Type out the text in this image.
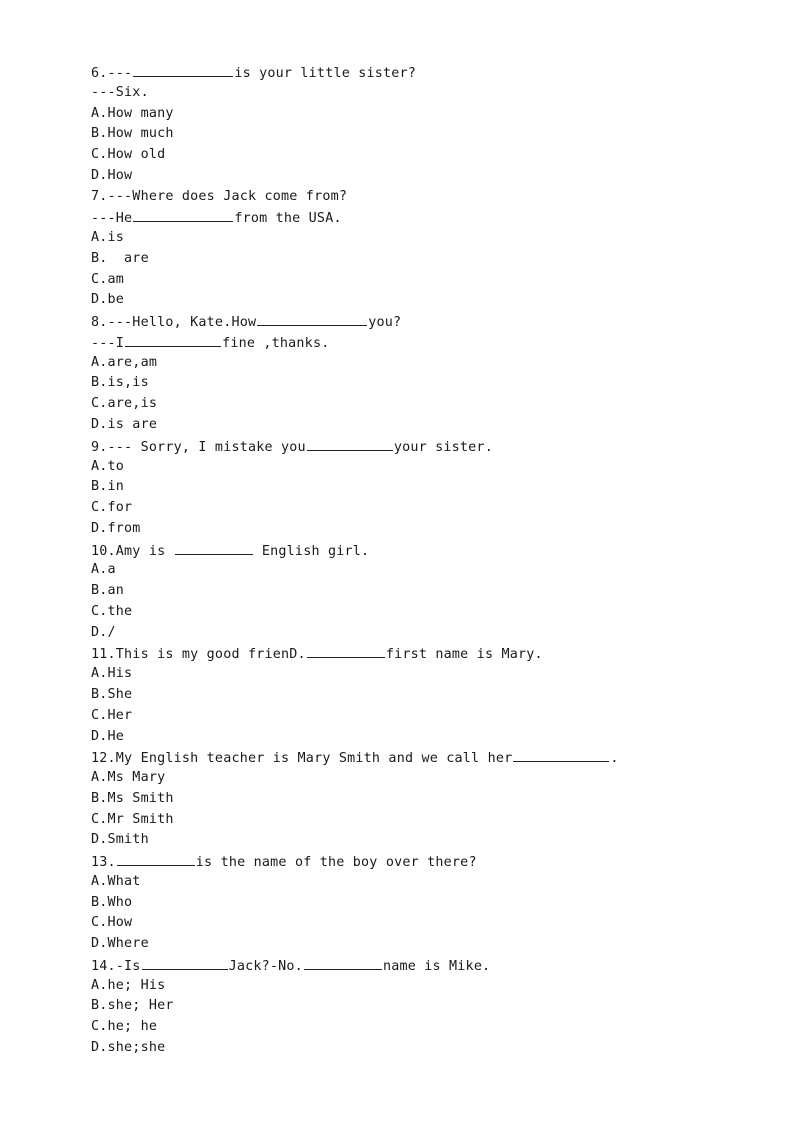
6.---	is your little sister?
---Six.
A.How many
B.How much
C.How old
D.How
7.---Where does Jack come from?
---He	from the USA.
A.is
B.  are
C.am
D.be
8.---Hello, Kate.How	you?
---I	fine ,thanks.
A.are,am
B.is,is
C.are,is
D.is are
9.--- Sorry, I mistake you	your sister.
A.to
B.in
C.for
D.from
10.Amy is	English girl.
A.a
B.an
C.the
D./
11.This is my good frienD.	first name is Mary.
A.His
B.She
C.Her
D.He
12.My English teacher is Mary Smith and we call her	.
A.Ms Mary
B.Ms Smith
C.Mr Smith
D.Smith
13.	is the name of the boy over there?
A.What
B.Who
C.How
D.Where
14.-Is	Jack?-No.	name is Mike.
A.he; His
B.she; Her
C.he; he
D.she;she
